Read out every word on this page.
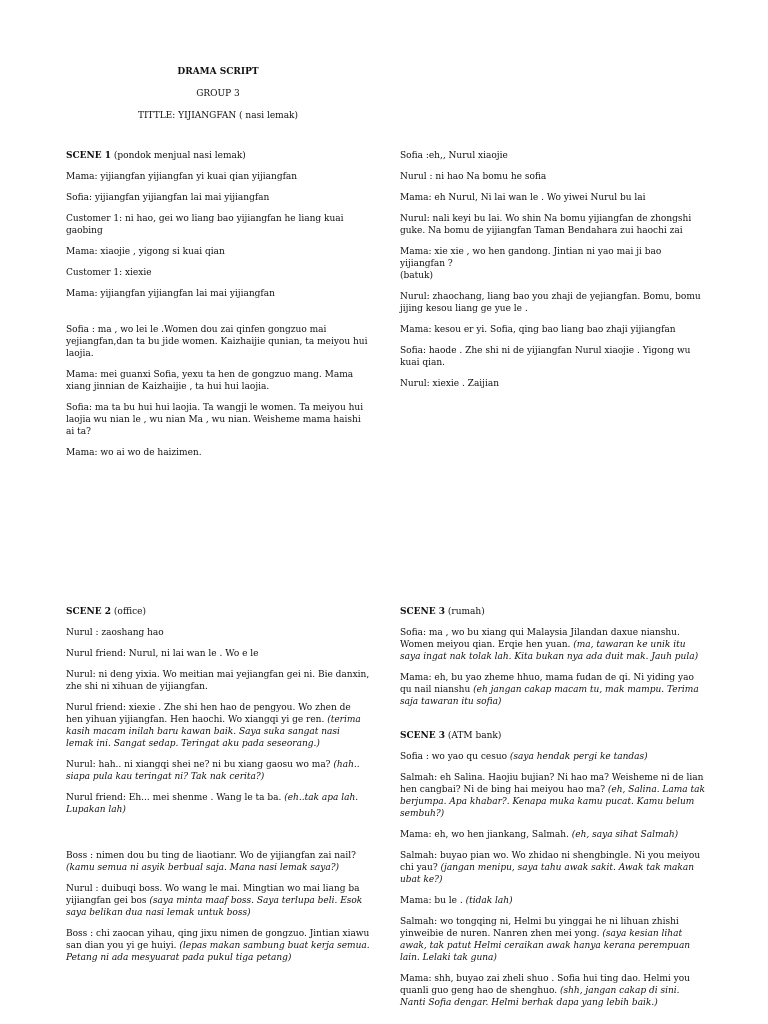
DRAMA SCRIPT
GROUP 3
TITTLE: YIJIANGFAN ( nasi lemak)

SCENE 1 (pondok menjual nasi lemak)

Mama: yijiangfan yijiangfan yi kuai qian yijiangfan

Sofia: yijiangfan yijiangfan lai mai yijiangfan

Customer 1: ni hao, gei wo liang bao yijiangfan he liang kuai gaobing

Mama: xiaojie , yigong si kuai qian

Customer 1: xiexie

Mama: yijiangfan yijiangfan lai mai yijiangfan

Sofia : ma , wo lei le .Women dou zai qinfen gongzuo mai yejiangfan,dan ta bu jide women. Kaizhaijie qunian, ta meiyou hui laojia.

Mama: mei guanxi Sofia, yexu ta hen de gongzuo mang. Mama xiang jinnian de Kaizhaijie , ta hui hui laojia.

Sofia: ma ta bu hui hui laojia. Ta wangji le women. Ta meiyou hui laojia wu nian le , wu nian Ma , wu nian. Weisheme mama haishi ai ta?

Mama: wo ai wo de haizimen.

Sofia :eh,, Nurul xiaojie

Nurul : ni hao Na bomu he sofia

Mama: eh Nurul, Ni lai wan le . Wo yiwei Nurul bu lai

Nurul: nali keyi bu lai. Wo shin Na bomu yijiangfan de zhongshi guke. Na bomu de yijiangfan Taman Bendahara zui haochi zai

Mama: xie xie , wo hen gandong. Jintian ni yao mai ji bao yijiangfan ?

(batuk)

Nurul: zhaochang, liang bao you zhaji de yejiangfan. Bomu, bomu jijing kesou liang ge yue le .

Mama: kesou er yi. Sofia, qing bao liang bao zhaji yijiangfan

Sofia: haode . Zhe shi ni de yijiangfan Nurul xiaojie . Yigong wu kuai qian.

Nurul: xiexie . Zaijian

SCENE 2 (office)

Nurul : zaoshang hao

Nurul friend: Nurul, ni lai wan le . Wo e le

Nurul: ni deng yixia. Wo meitian mai yejiangfan gei ni. Bie danxin, zhe shi ni xihuan de yijiangfan.

Nurul friend: xiexie . Zhe shi hen hao de pengyou. Wo zhen de hen yihuan yijiangfan. Hen haochi. Wo xiangqi yi ge ren. (terima kasih macam inilah baru kawan baik. Saya suka sangat nasi lemak ini. Sangat sedap. Teringat aku pada seseorang.)

Nurul: hah.. ni xiangqi shei ne? ni bu xiang gaosu wo ma? (hah.. siapa pula kau teringat ni? Tak nak cerita?)

Nurul friend: Eh... mei shenme . Wang le ta ba. (eh..tak apa lah. Lupakan lah)

Boss : nimen dou bu ting de liaotianr. Wo de yijiangfan zai nail? (kamu semua ni asyik berbual saja. Mana nasi lemak saya?)

Nurul : duibuqi boss. Wo wang le mai. Mingtian wo mai liang ba yijiangfan gei bos (saya minta maaf boss. Saya terlupa beli. Esok saya belikan dua nasi lemak untuk boss)

Boss : chi zaocan yihau, qing jixu nimen de gongzuo. Jintian xiawu san dian you yi ge huiyi. (lepas makan sambung buat kerja semua. Petang ni ada mesyuarat pada pukul tiga petang)

SCENE 3 (rumah)

Sofia: ma , wo bu xiang qui Malaysia Jilandan daxue nianshu. Women meiyou qian. Erqie hen yuan. (ma, tawaran ke unik itu saya ingat nak tolak lah. Kita bukan nya ada duit mak. Jauh pula)

Mama: eh, bu yao zheme hhuo, mama fudan de qi. Ni yiding yao qu nail nianshu (eh jangan cakap macam tu, mak mampu. Terima saja tawaran itu sofia)

SCENE 3 (ATM bank)

Sofia : wo yao qu cesuo (saya hendak pergi ke tandas)

Salmah: eh Salina. Haojiu bujian? Ni hao ma? Weisheme ni de lian hen cangbai? Ni de bing hai meiyou hao ma? (eh, Salina. Lama tak berjumpa. Apa khabar?. Kenapa muka kamu pucat. Kamu belum sembuh?)

Mama: eh, wo hen jiankang, Salmah. (eh, saya sihat Salmah)

Salmah: buyao pian wo. Wo zhidao ni shengbingle. Ni you meiyou chi yau? (jangan menipu, saya tahu awak sakit. Awak tak makan ubat ke?)

Mama: bu le . (tidak lah)

Salmah: wo tongqing ni, Helmi bu yinggai he ni lihuan zhishi yinweibie de nuren. Nanren zhen mei yong. (saya kesian lihat awak, tak patut Helmi ceraikan awak hanya kerana perempuan lain. Lelaki tak guna)

Mama: shh, buyao zai zheli shuo . Sofia hui ting dao. Helmi you quanli guo geng hao de shenghuo. (shh, jangan cakap di sini. Nanti Sofia dengar. Helmi berhak dapa yang lebih baik.)
